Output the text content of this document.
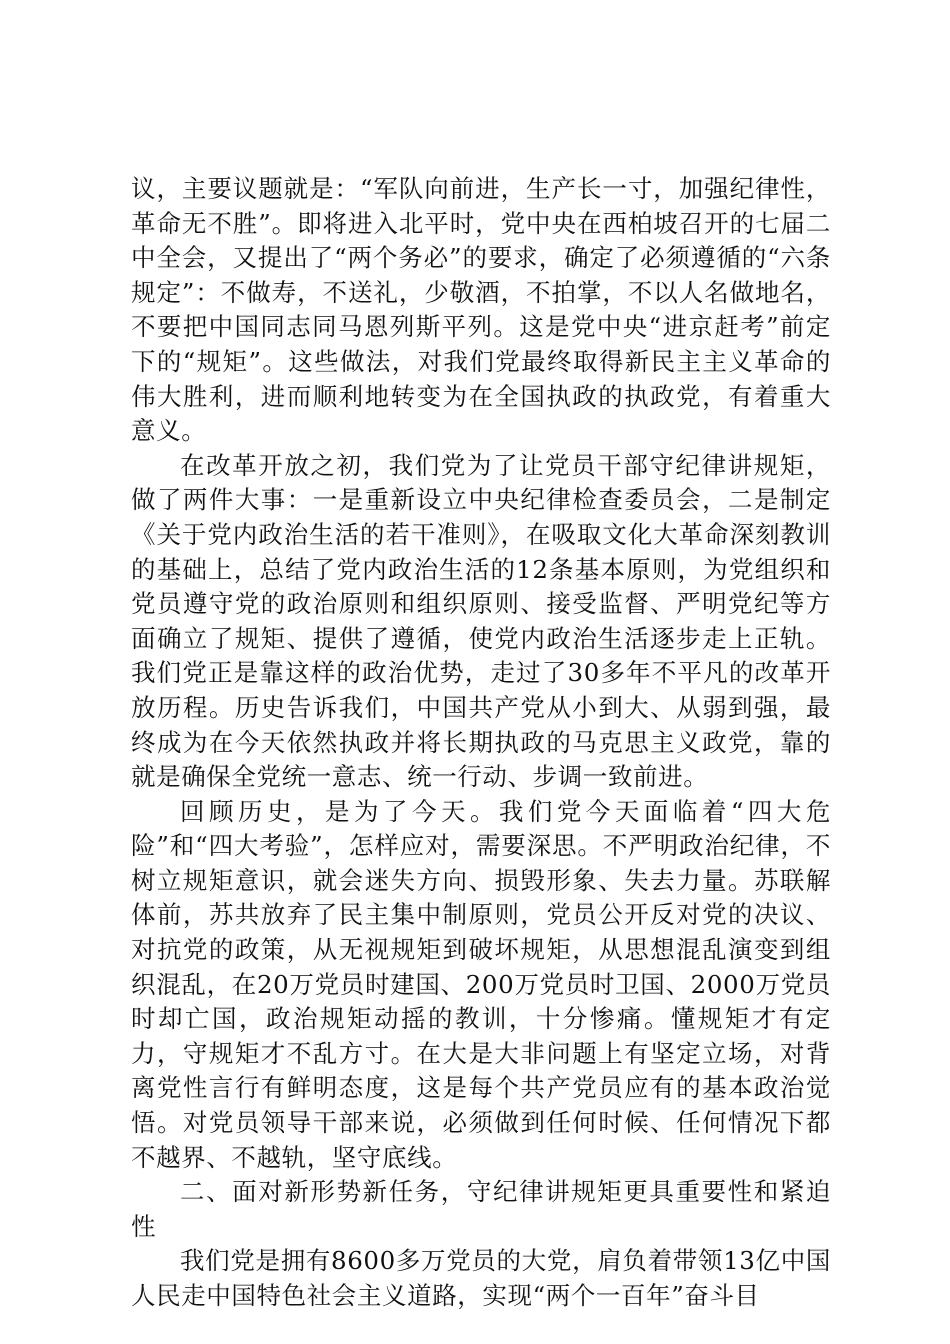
议，主要议题就是：“军队向前进，生产长一寸，加强纪律性，革命无不胜”。即将进入北平时，党中央在西柏坡召开的七届二中全会，又提出了“两个务必”的要求，确定了必须遵循的“六条规定”：不做寿，不送礼，少敬酒，不拍掌，不以人名做地名，不要把中国同志同马恩列斯平列。这是党中央“进京赶考”前定下的“规矩”。这些做法，对我们党最终取得新民主主义革命的伟大胜利，进而顺利地转变为在全国执政的执政党，有着重大意义。

在改革开放之初，我们党为了让党员干部守纪律讲规矩，做了两件大事：一是重新设立中央纪律检查委员会，二是制定《关于党内政治生活的若干准则》，在吸取文化大革命深刻教训的基础上，总结了党内政治生活的12条基本原则，为党组织和党员遵守党的政治原则和组织原则、接受监督、严明党纪等方面确立了规矩、提供了遵循，使党内政治生活逐步走上正轨。我们党正是靠这样的政治优势，走过了30多年不平凡的改革开放历程。历史告诉我们，中国共产党从小到大、从弱到强，最终成为在今天依然执政并将长期执政的马克思主义政党，靠的就是确保全党统一意志、统一行动、步调一致前进。

回顾历史，是为了今天。我们党今天面临着“四大危险”和“四大考验”，怎样应对，需要深思。不严明政治纪律，不树立规矩意识，就会迷失方向、损毁形象、失去力量。苏联解体前，苏共放弃了民主集中制原则，党员公开反对党的决议、对抗党的政策，从无视规矩到破坏规矩，从思想混乱演变到组织混乱，在20万党员时建国、200万党员时卫国、2000万党员时却亡国，政治规矩动摇的教训，十分惨痛。懂规矩才有定力，守规矩才不乱方寸。在大是大非问题上有坚定立场，对背离党性言行有鲜明态度，这是每个共产党员应有的基本政治觉悟。对党员领导干部来说，必须做到任何时候、任何情况下都不越界、不越轨，坚守底线。

二、面对新形势新任务，守纪律讲规矩更具重要性和紧迫性

我们党是拥有8600多万党员的大党，肩负着带领13亿中国人民走中国特色社会主义道路，实现“两个一百年”奋斗目
